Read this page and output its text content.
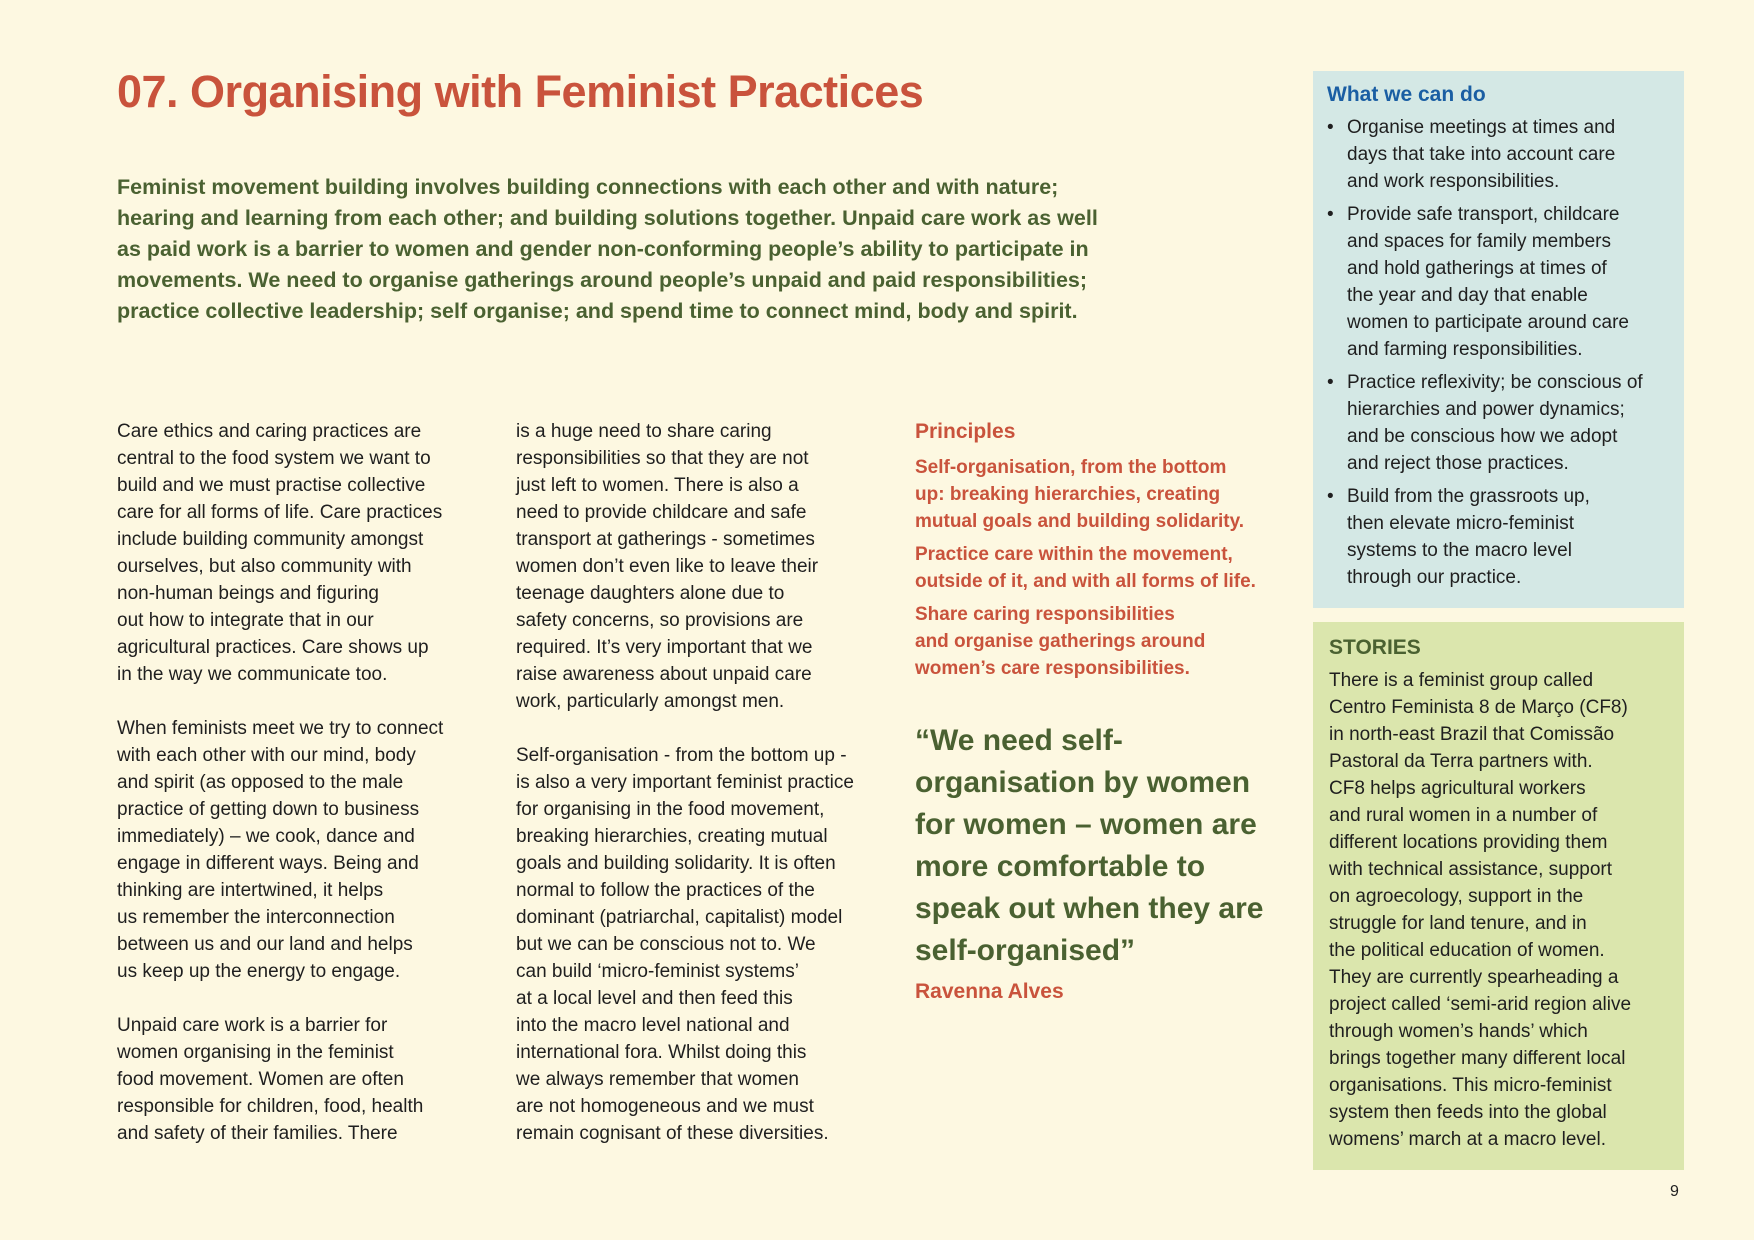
07. Organising with Feminist Practices

Feminist movement building involves building connections with each other and with nature; hearing and learning from each other; and building solutions together. Unpaid care work as well as paid work is a barrier to women and gender non-conforming people’s ability to participate in movements. We need to organise gatherings around people’s unpaid and paid responsibilities; practice collective leadership; self organise; and spend time to connect mind, body and spirit.

Care ethics and caring practices are
central to the food system we want to
build and we must practise collective
care for all forms of life. Care practices
include building community amongst
ourselves, but also community with
non-human beings and figuring
out how to integrate that in our
agricultural practices. Care shows up
in the way we communicate too.

When feminists meet we try to connect
with each other with our mind, body
and spirit (as opposed to the male
practice of getting down to business
immediately) – we cook, dance and
engage in different ways. Being and
thinking are intertwined, it helps
us remember the interconnection
between us and our land and helps
us keep up the energy to engage.

Unpaid care work is a barrier for
women organising in the feminist
food movement. Women are often
responsible for children, food, health
and safety of their families. There

is a huge need to share caring
responsibilities so that they are not
just left to women. There is also a
need to provide childcare and safe
transport at gatherings - sometimes
women don’t even like to leave their
teenage daughters alone due to
safety concerns, so provisions are
required. It’s very important that we
raise awareness about unpaid care
work, particularly amongst men.

Self-organisation - from the bottom up -
is also a very important feminist practice
for organising in the food movement,
breaking hierarchies, creating mutual
goals and building solidarity. It is often
normal to follow the practices of the
dominant (patriarchal, capitalist) model
but we can be conscious not to. We
can build ‘micro-feminist systems’
at a local level and then feed this
into the macro level national and
international fora. Whilst doing this
we always remember that women
are not homogeneous and we must
remain cognisant of these diversities.

Principles

Self-organisation, from the bottom
up: breaking hierarchies, creating
mutual goals and building solidarity.

Practice care within the movement,
outside of it, and with all forms of life.

Share caring responsibilities
and organise gatherings around
women’s care responsibilities.

“We need self-organisation by women for women – women are more comfortable to speak out when they are self-organised”
Ravenna Alves
What we can do
• Organise meetings at times and
days that take into account care
and work responsibilities.
• Provide safe transport, childcare
and spaces for family members
and hold gatherings at times of
the year and day that enable
women to participate around care
and farming responsibilities.
• Practice reflexivity; be conscious of
hierarchies and power dynamics;
and be conscious how we adopt
and reject those practices.
• Build from the grassroots up,
then elevate micro-feminist
systems to the macro level
through our practice.
STORIES

There is a feminist group called
Centro Feminista 8 de Março (CF8)
in north-east Brazil that Comissão
Pastoral da Terra partners with.
CF8 helps agricultural workers
and rural women in a number of
different locations providing them
with technical assistance, support
on agroecology, support in the
struggle for land tenure, and in
the political education of women.
They are currently spearheading a
project called ‘semi-arid region alive
through women’s hands’ which
brings together many different local
organisations. This micro-feminist
system then feeds into the global
womens’ march at a macro level.

9
